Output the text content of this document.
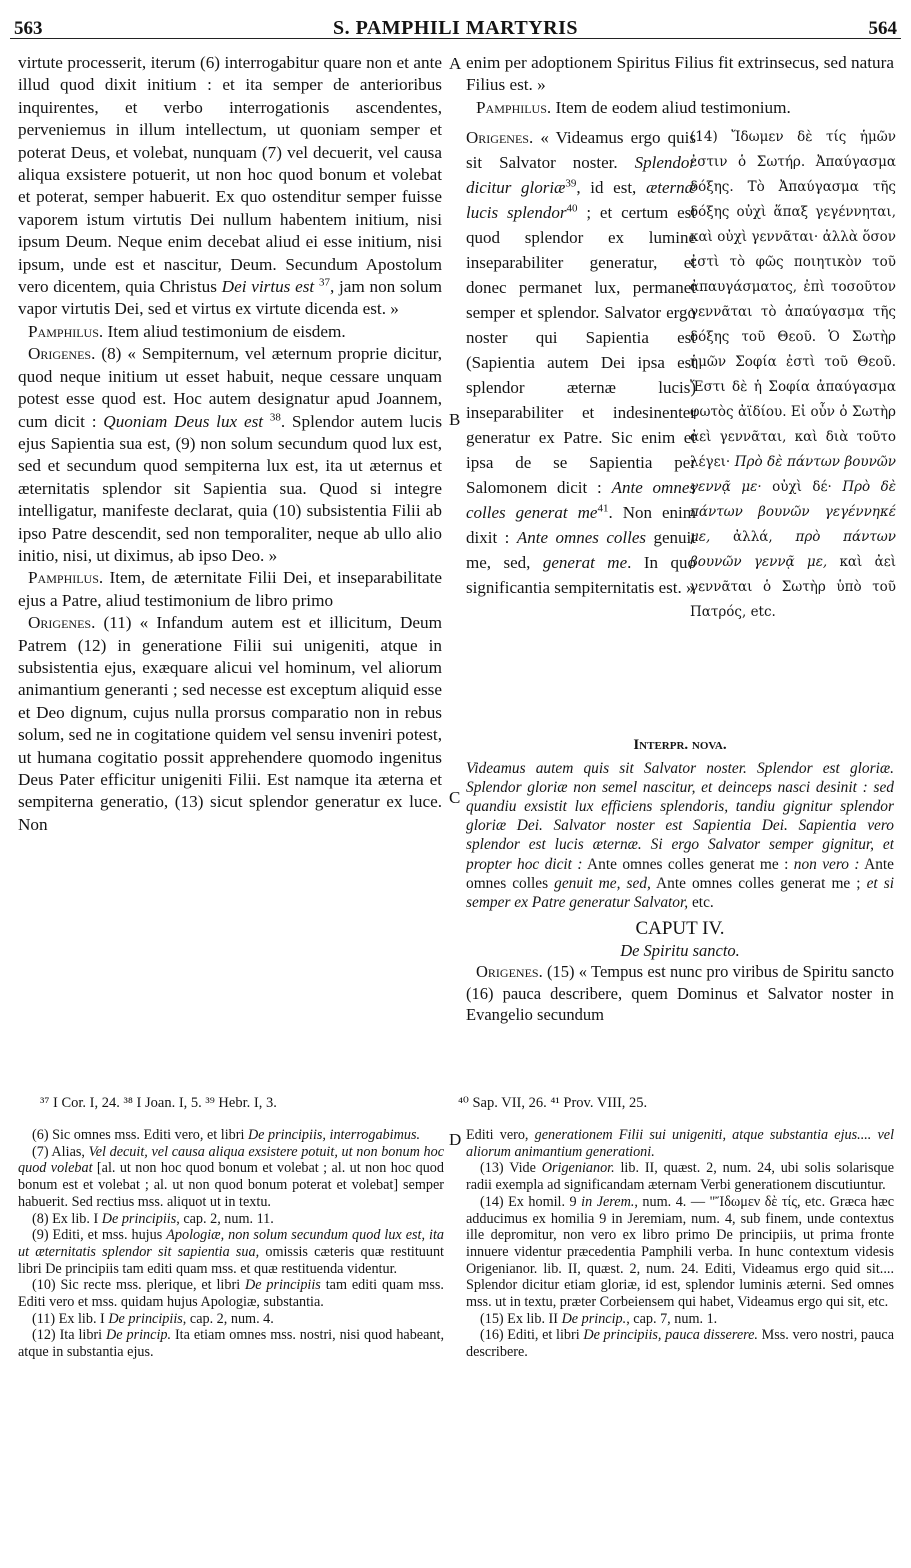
563	S. PAMPHILI MARTYRIS	564
A
B
C
D

virtute processerit, iterum (6) interrogabitur quare non et ante illud quod dixit initium : et ita semper de anterioribus inquirentes, et verbo interrogationis ascendentes, perveniemus in illum intellectum, ut quoniam semper et poterat Deus, et volebat, nunquam (7) vel decuerit, vel causa aliqua exsistere potuerit, ut non hoc quod bonum et volebat et poterat, semper habuerit. Ex quo ostenditur semper fuisse vaporem istum virtutis Dei nullum habentem initium, nisi ipsum Deum. Neque enim decebat aliud ei esse initium, nisi ipsum, unde est et nascitur, Deum. Secundum Apostolum vero dicentem, quia Christus Dei virtus est $^{37}$, jam non solum vapor virtutis Dei, sed et virtus ex virtute dicenda est. »

Pamphilus. Item aliud testimonium de eisdem.

Origenes. (8) « Sempiternum, vel æternum proprie dicitur, quod neque initium ut esset habuit, neque cessare unquam potest esse quod est. Hoc autem designatur apud Joannem, cum dicit : Quoniam Deus lux est $^{38}$. Splendor autem lucis ejus Sapientia sua est, (9) non solum secundum quod lux est, sed et secundum quod sempiterna lux est, ita ut æternus et æternitatis splendor sit Sapientia sua. Quod si integre intelligatur, manifeste declarat, quia (10) subsistentia Filii ab ipso Patre descendit, sed non temporaliter, neque ab ullo alio initio, nisi, ut diximus, ab ipso Deo. »

Pamphilus. Item, de æternitate Filii Dei, et inseparabilitate ejus a Patre, aliud testimonium de libro primo

Origenes. (11) « Infandum autem est et illicitum, Deum Patrem (12) in generatione Filii sui unigeniti, atque in subsistentia ejus, exæquare alicui vel hominum, vel aliorum animantium generanti ; sed necesse est exceptum aliquid esse et Deo dignum, cujus nulla prorsus comparatio non in rebus solum, sed ne in cogitatione quidem vel sensu inveniri potest, ut humana cogitatio possit apprehendere quomodo ingenitus Deus Pater efficitur unigeniti Filii. Est namque ita æterna et sempiterna generatio, (13) sicut splendor generatur ex luce. Non

enim per adoptionem Spiritus Filius fit extrinsecus, sed natura Filius est. »

Pamphilus. Item de eodem aliud testimonium.

Origenes. « Videamus ergo quis sit Salvator noster. Splendor dicitur gloriæ$^{39}$, id est, æternæ lucis splendor$^{40}$ ; et certum est quod splendor ex lumine inseparabiliter generatur, et donec permanet lux, permanet semper et splendor. Salvator ergo noster qui Sapientia est (Sapientia autem Dei ipsa est splendor æternæ lucis) inseparabiliter et indesinenter generatur ex Patre. Sic enim et ipsa de se Sapientia per Salomonem dicit : Ante omnes colles generat $me^{41}$. Non enim dixit : Ante omnes colles genuit me, sed, generat me. In quo significantia sempiternitatis est. »
(14) Ἴδωμεν δὲ τίς ἡμῶν ἐστιν ὁ Σωτήρ. Ἀπαύγασμα δόξης. Τὸ Ἀπαύγασμα τῆς δόξης οὐχὶ ἅπαξ γεγέννηται, καὶ οὐχὶ γεννᾶται· ἀλλὰ ὅσον ἐστὶ τὸ φῶς ποιητικὸν τοῦ ἀπαυγάσματος, ἐπὶ τοσοῦτον γεννᾶται τὸ ἀπαύγασμα τῆς δόξης τοῦ Θεοῦ. Ὁ Σωτὴρ ἡμῶν Σοφία ἐστὶ τοῦ Θεοῦ. Ἔστι δὲ ἡ Σοφία ἀπαύγασμα φωτὸς ἀϊδίου. Εἰ οὖν ὁ Σωτὴρ ἀεὶ γεννᾶται, καὶ διὰ τοῦτο λέγει· Πρὸ δὲ πάντων βουνῶν γεννᾷ με· οὐχὶ δέ· Πρὸ δὲ πάντων βουνῶν γεγέννηκέ με, ἀλλά, πρὸ πάντων βουνῶν γεννᾷ με, καὶ ἀεὶ γεννᾶται ὁ Σωτὴρ ὑπὸ τοῦ Πατρός, etc.
Interpr. nova.
Videamus autem quis sit Salvator noster. Splendor est gloriæ. Splendor gloriæ non semel nascitur, et deinceps nasci desinit : sed quandiu exsistit lux efficiens splendoris, tandiu gignitur splendor gloriæ Dei. Salvator noster est Sapientia Dei. Sapientia vero splendor est lucis æternæ. Si ergo Salvator semper gignitur, et propter hoc dicit : Ante omnes colles generat me : non vero : Ante omnes colles genuit me, sed, Ante omnes colles generat me ; et si semper ex Patre generatur Salvator, etc.
CAPUT IV.
De Spiritu sancto.

Origenes. (15) « Tempus est nunc pro viribus de Spiritu sancto (16) pauca describere, quem Dominus et Salvator noster in Evangelio secundum

³⁷ I Cor. I, 24. ³⁸ I Joan. I, 5. ³⁹ Hebr. I, 3.	⁴⁰ Sap. VII, 26. ⁴¹ Prov. VIII, 25.

(6) Sic omnes mss. Editi vero, et libri De principiis, interrogabimus.

(7) Alias, Vel decuit, vel causa aliqua exsistere potuit, ut non bonum hoc quod volebat [al. ut non hoc quod bonum et volebat ; al. ut non hoc quod bonum est et volebat ; al. ut non quod bonum poterat et volebat] semper habuerit. Sed rectius mss. aliquot ut in textu.

(8) Ex lib. I De principiis, cap. 2, num. 11.

(9) Editi, et mss. hujus Apologiæ, non solum secundum quod lux est, ita ut æternitatis splendor sit sapientia sua, omissis cæteris quæ restituunt libri De principiis tam editi quam mss. et quæ restituenda videntur.

(10) Sic recte mss. plerique, et libri De principiis tam editi quam mss. Editi vero et mss. quidam hujus Apologiæ, substantia.

(11) Ex lib. I De principiis, cap. 2, num. 4.

(12) Ita libri De princip. Ita etiam omnes mss. nostri, nisi quod habeant, atque in substantia ejus.

Editi vero, generationem Filii sui unigeniti, atque substantia ejus.... vel aliorum animantium generationi.

(13) Vide Origenianor. lib. II, quæst. 2, num. 24, ubi solis solarisque radii exempla ad significandam æternam Verbi generationem discutiuntur.

(14) Ex homil. 9 in Jerem., num. 4. — "Ἴδωμεν δὲ τίς, etc. Græca hæc adducimus ex homilia 9 in Jeremiam, num. 4, sub finem, unde contextus ille depromitur, non vero ex libro primo De principiis, ut prima fronte innuere videntur præcedentia Pamphili verba. In hunc contextum videsis Origenianor. lib. II, quæst. 2, num. 24. Editi, Videamus ergo quid sit.... Splendor dicitur etiam gloriæ, id est, splendor luminis æterni. Sed omnes mss. ut in textu, præter Corbeiensem qui habet, Videamus ergo qui sit, etc.

(15) Ex lib. II De princip., cap. 7, num. 1.

(16) Editi, et libri De principiis, pauca disserere. Mss. vero nostri, pauca describere.
